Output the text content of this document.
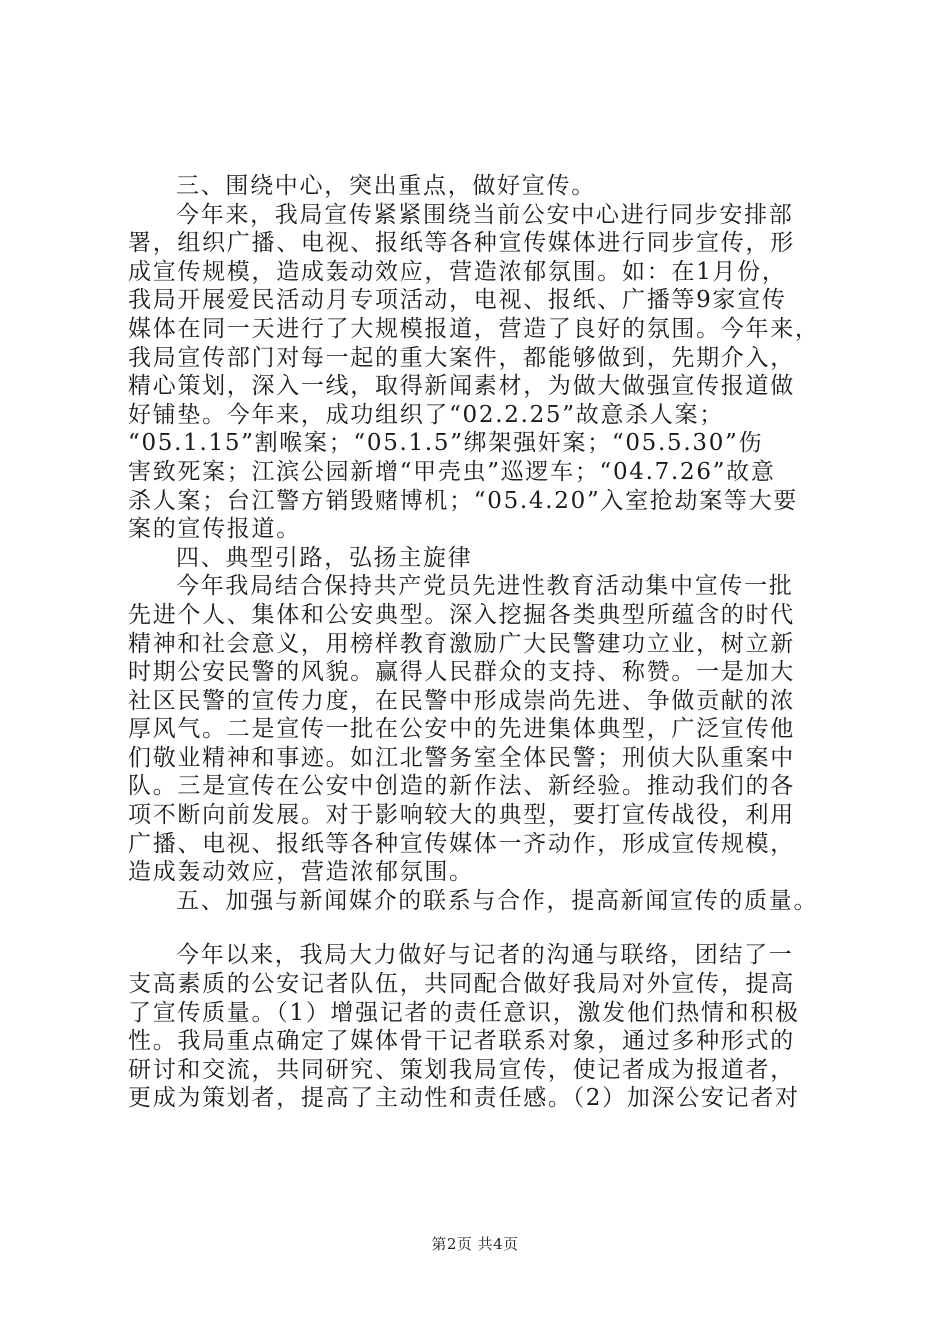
三、围绕中心，突出重点，做好宣传。
今年来，我局宣传紧紧围绕当前公安中心进行同步安排部
署，组织广播、电视、报纸等各种宣传媒体进行同步宣传，形
成宣传规模，造成轰动效应，营造浓郁氛围。如：在1月份，
我局开展爱民活动月专项活动，电视、报纸、广播等9家宣传
媒体在同一天进行了大规模报道，营造了良好的氛围。今年来，
我局宣传部门对每一起的重大案件，都能够做到，先期介入，
精心策划，深入一线，取得新闻素材，为做大做强宣传报道做
好铺垫。今年来，成功组织了“02.2.25”故意杀人案；
“05.1.15”割喉案；“05.1.5”绑架强奸案；“05.5.30”伤
害致死案；江滨公园新增“甲壳虫”巡逻车；“04.7.26”故意
杀人案；台江警方销毁赌博机；“05.4.20”入室抢劫案等大要
案的宣传报道。
四、典型引路，弘扬主旋律
今年我局结合保持共产党员先进性教育活动集中宣传一批
先进个人、集体和公安典型。深入挖掘各类典型所蕴含的时代
精神和社会意义，用榜样教育激励广大民警建功立业，树立新
时期公安民警的风貌。赢得人民群众的支持、称赞。一是加大
社区民警的宣传力度，在民警中形成崇尚先进、争做贡献的浓
厚风气。二是宣传一批在公安中的先进集体典型，广泛宣传他
们敬业精神和事迹。如江北警务室全体民警；刑侦大队重案中
队。三是宣传在公安中创造的新作法、新经验。推动我们的各
项不断向前发展。对于影响较大的典型，要打宣传战役，利用
广播、电视、报纸等各种宣传媒体一齐动作，形成宣传规模，
造成轰动效应，营造浓郁氛围。
五、加强与新闻媒介的联系与合作，提高新闻宣传的质量。
今年以来，我局大力做好与记者的沟通与联络，团结了一
支高素质的公安记者队伍，共同配合做好我局对外宣传，提高
了宣传质量。（1）增强记者的责任意识，激发他们热情和积极
性。我局重点确定了媒体骨干记者联系对象，通过多种形式的
研讨和交流，共同研究、策划我局宣传，使记者成为报道者，
更成为策划者，提高了主动性和责任感。（2）加深公安记者对
第2页 共4页
